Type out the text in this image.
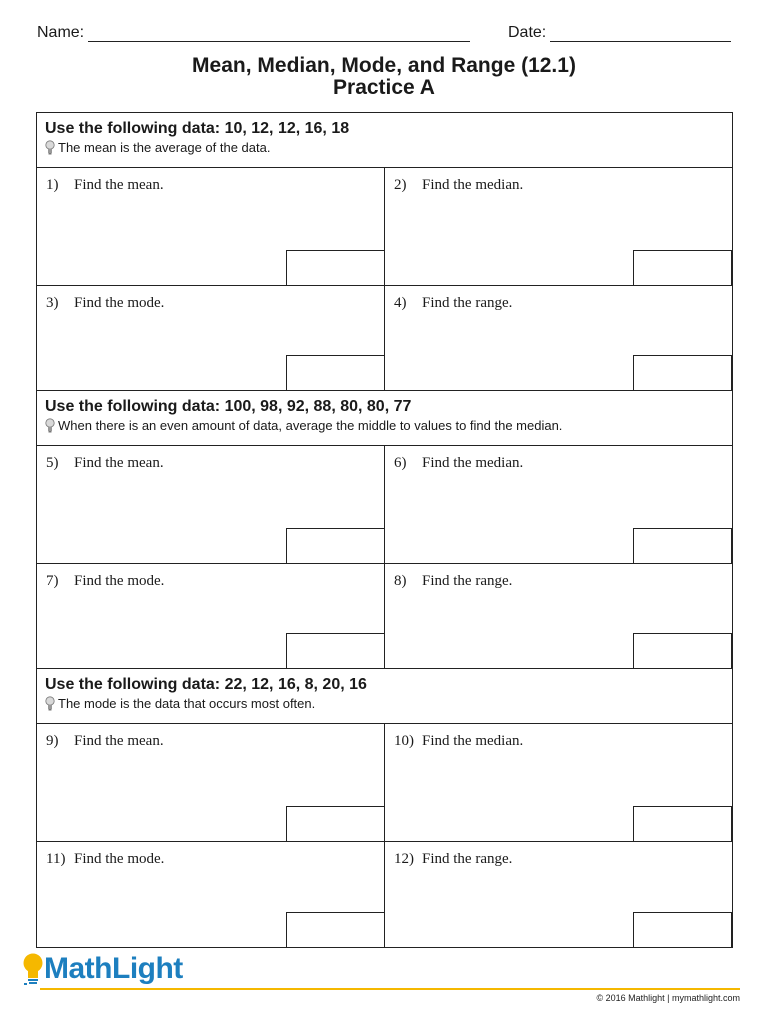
Name:	Date:
Mean, Median, Mode, and Range (12.1)
Practice A
Use the following data: 10, 12, 12, 16, 18
The mean is the average of the data.
1) Find the mean.	2) Find the median.
3) Find the mode.	4) Find the range.
Use the following data: 100, 98, 92, 88, 80, 80, 77
When there is an even amount of data, average the middle to values to find the median.
5) Find the mean.	6) Find the median.
7) Find the mode.	8) Find the range.
Use the following data: 22, 12, 16, 8, 20, 16
The mode is the data that occurs most often.
9) Find the mean.	10) Find the median.
11) Find the mode.	12) Find the range.
MathLight
© 2016 Mathlight | mymathlight.com
